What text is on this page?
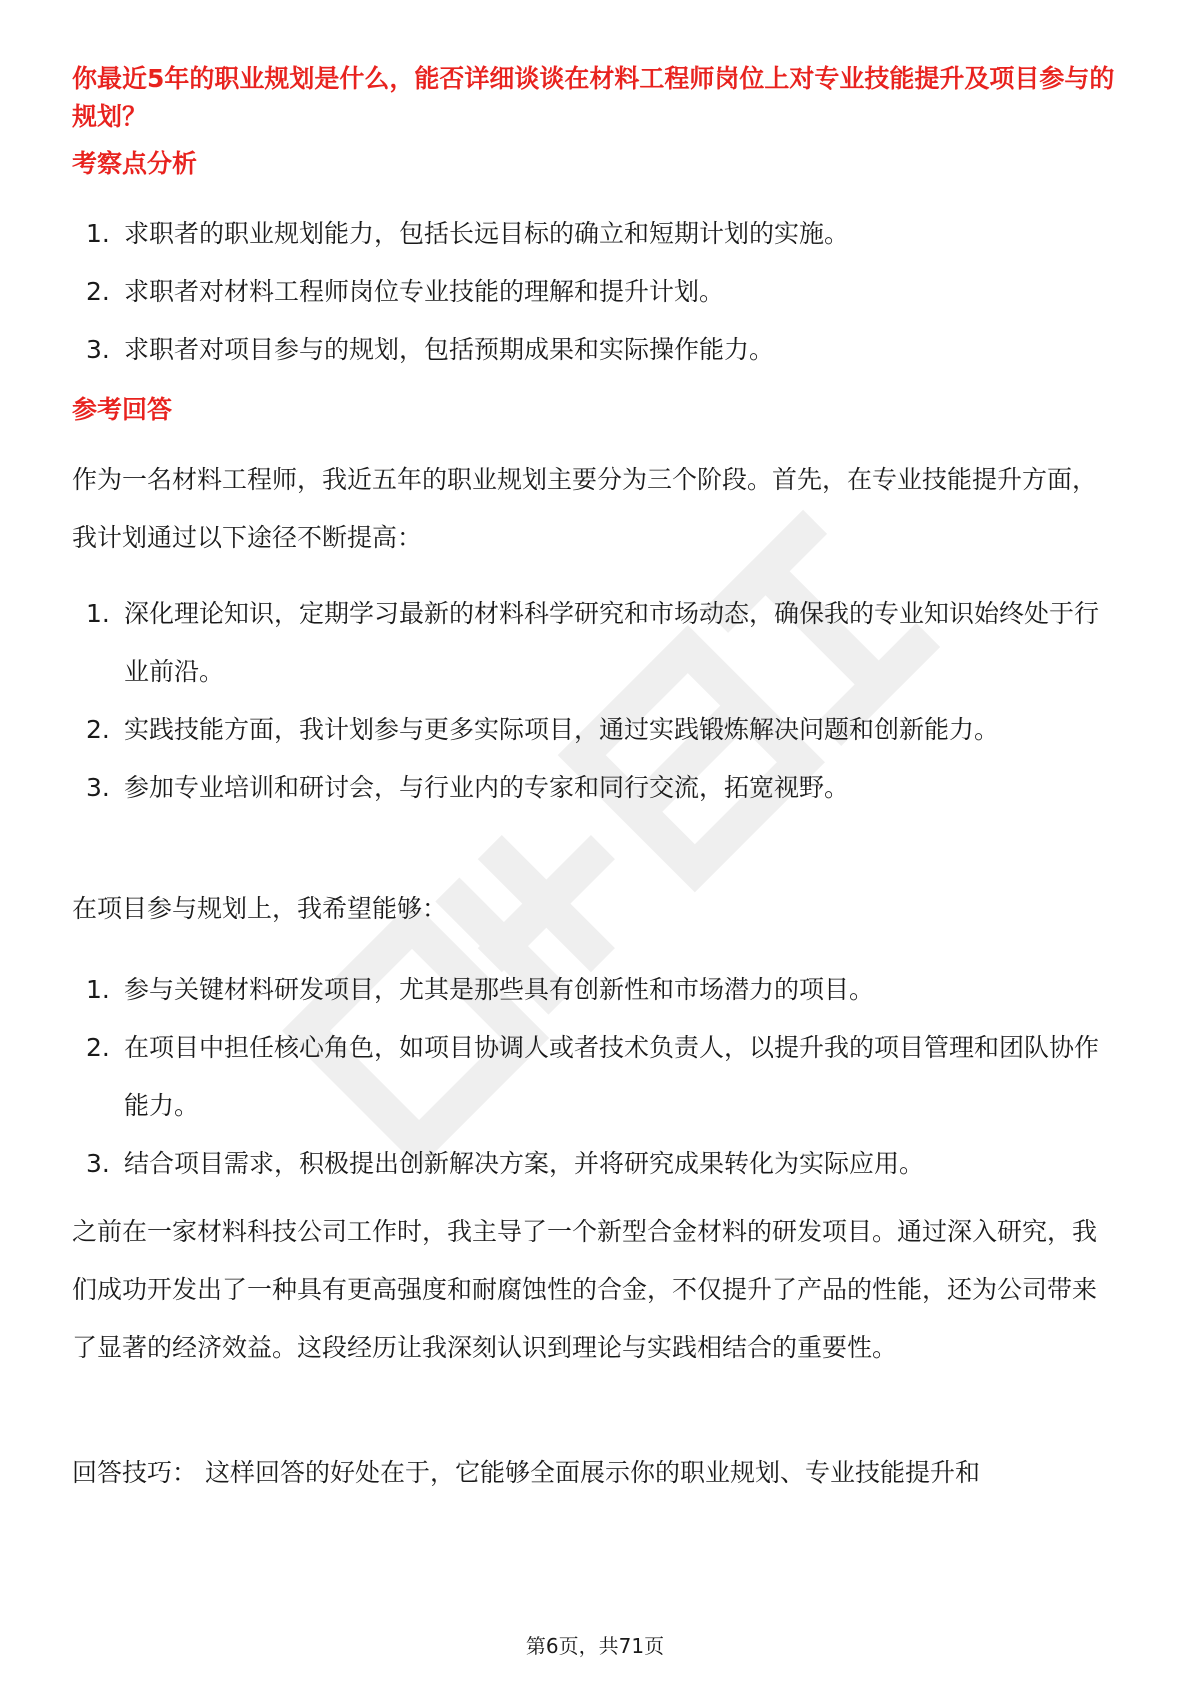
你最近5年的职业规划是什么，能否详细谈谈在材料工程师岗位上对专业技能提升及项目参与的规划？

考察点分析
1. 求职者的职业规划能力，包括长远目标的确立和短期计划的实施。
2. 求职者对材料工程师岗位专业技能的理解和提升计划。
3. 求职者对项目参与的规划，包括预期成果和实际操作能力。
参考回答

作为一名材料工程师，我近五年的职业规划主要分为三个阶段。首先，在专业技能提升方面，我计划通过以下途径不断提高：

1. 深化理论知识，定期学习最新的材料科学研究和市场动态，确保我的专业知识始终处于行业前沿。
2. 实践技能方面，我计划参与更多实际项目，通过实践锻炼解决问题和创新能力。
3. 参加专业培训和研讨会，与行业内的专家和同行交流，拓宽视野。

在项目参与规划上，我希望能够：

1. 参与关键材料研发项目，尤其是那些具有创新性和市场潜力的项目。
2. 在项目中担任核心角色，如项目协调人或者技术负责人，以提升我的项目管理和团队协作能力。
3. 结合项目需求，积极提出创新解决方案，并将研究成果转化为实际应用。

之前在一家材料科技公司工作时，我主导了一个新型合金材料的研发项目。通过深入研究，我们成功开发出了一种具有更高强度和耐腐蚀性的合金，不仅提升了产品的性能，还为公司带来了显著的经济效益。这段经历让我深刻认识到理论与实践相结合的重要性。

回答技巧： 这样回答的好处在于，它能够全面展示你的职业规划、专业技能提升和

第6页，共71页
